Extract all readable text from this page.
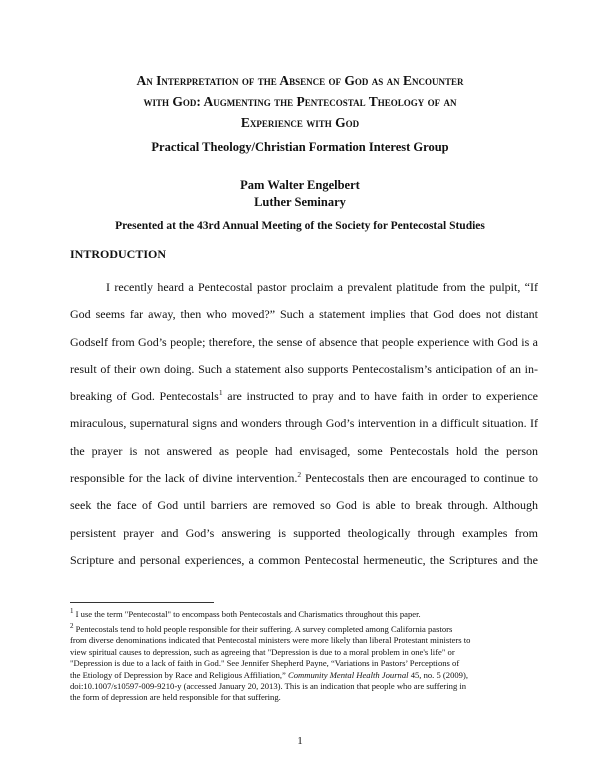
An Interpretation of the Absence of God as an Encounter
with God: Augmenting the Pentecostal Theology of an
Experience with God
Practical Theology/Christian Formation Interest Group
Pam Walter Engelbert
Luther Seminary
Presented at the 43rd Annual Meeting of the Society for Pentecostal Studies
INTRODUCTION
I recently heard a Pentecostal pastor proclaim a prevalent platitude from the pulpit, “If
God seems far away, then who moved?” Such a statement implies that God does not distant
Godself from God’s people; therefore, the sense of absence that people experience with God is a
result of their own doing. Such a statement also supports Pentecostalism’s anticipation of an in-
breaking of God. Pentecostals$^1$ are instructed to pray and to have faith in order to experience
miraculous, supernatural signs and wonders through God’s intervention in a difficult situation. If
the prayer is not answered as people had envisaged, some Pentecostals hold the person
responsible for the lack of divine intervention.$^2$ Pentecostals then are encouraged to continue to
seek the face of God until barriers are removed so God is able to break through. Although
persistent prayer and God’s answering is supported theologically through examples from
Scripture and personal experiences, a common Pentecostal hermeneutic, the Scriptures and the
$^1$ I use the term "Pentecostal" to encompass both Pentecostals and Charismatics throughout this paper.
$^2$ Pentecostals tend to hold people responsible for their suffering. A survey completed among California pastors
from diverse denominations indicated that Pentecostal ministers were more likely than liberal Protestant ministers to
view spiritual causes to depression, such as agreeing that "Depression is due to a moral problem in one's life" or
"Depression is due to a lack of faith in God." See Jennifer Shepherd Payne, “Variations in Pastors’ Perceptions of
the Etiology of Depression by Race and Religious Affiliation,” Community Mental Health Journal 45, no. 5 (2009),
doi:10.1007/s10597-009-9210-y (accessed January 20, 2013). This is an indication that people who are suffering in
the form of depression are held responsible for that suffering.
1
